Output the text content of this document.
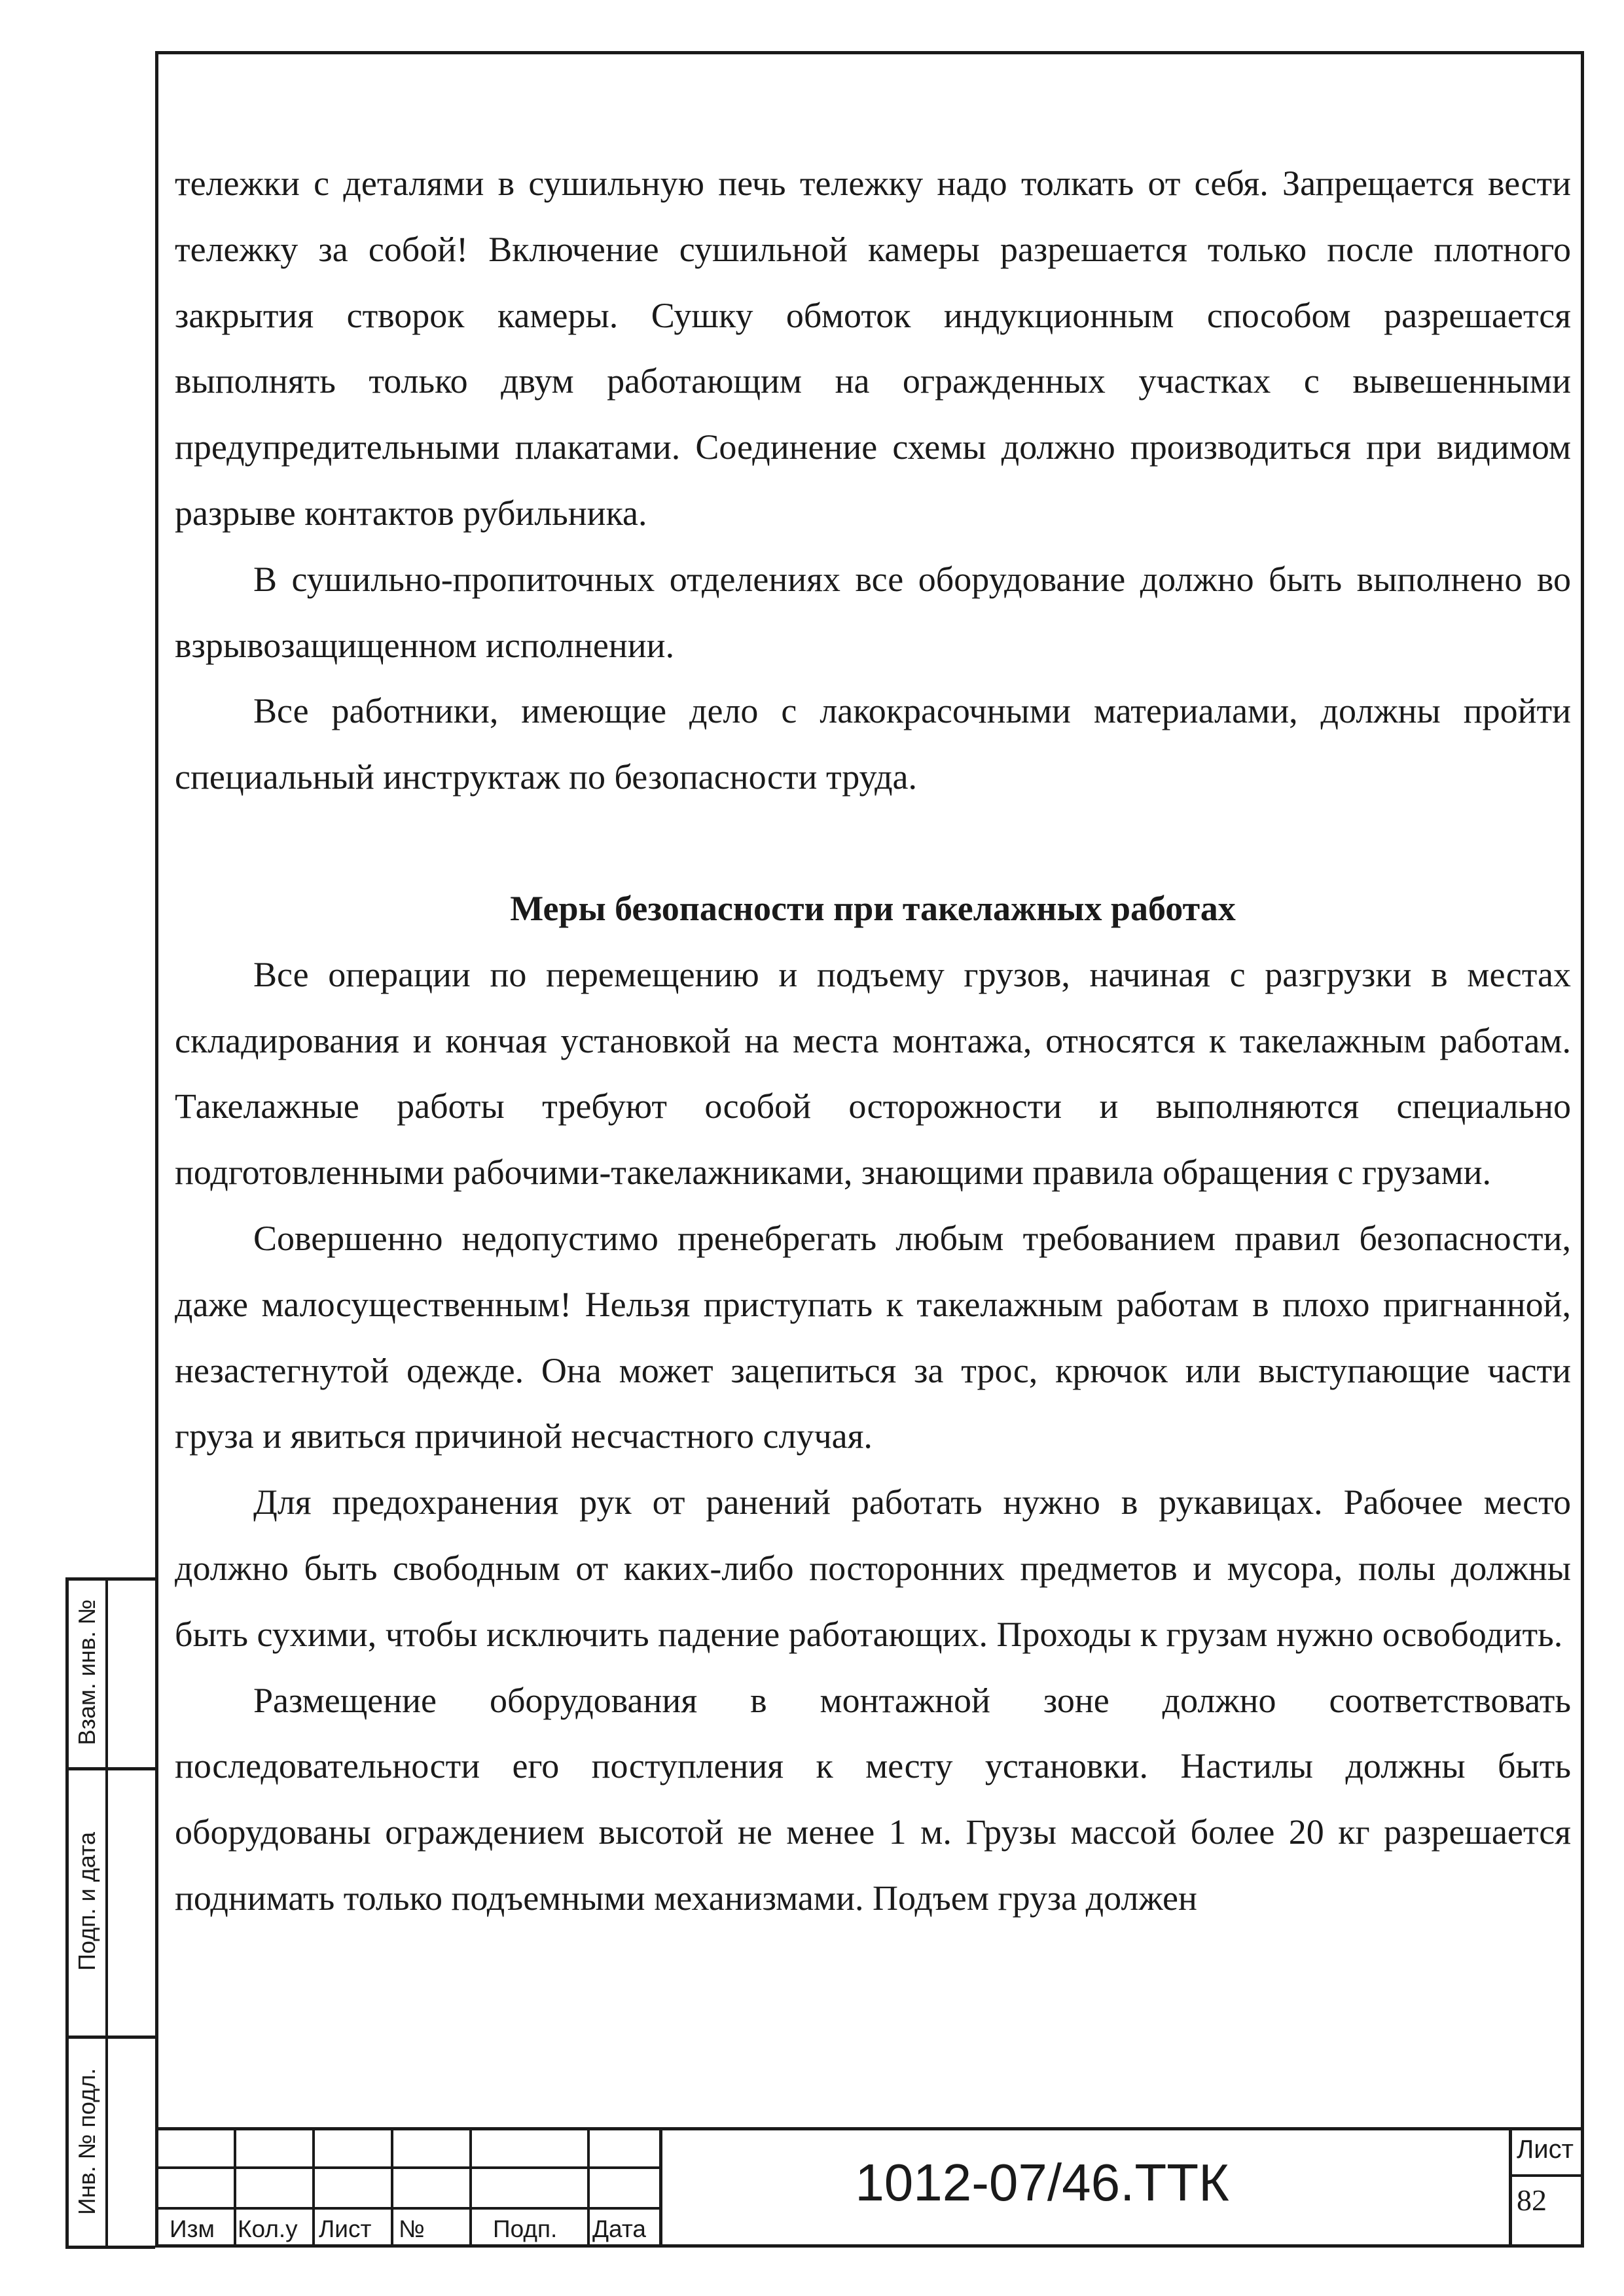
тележки с деталями в сушильную печь тележку надо толкать от себя. Запрещается вести тележку за собой! Включение сушильной камеры разрешается только после плотного закрытия створок камеры. Сушку обмоток индукционным способом разрешается выполнять только двум работающим на огражденных участках с вывешенными предупредительными плакатами. Соединение схемы должно производиться при видимом разрыве контактов рубильника.

В сушильно-пропиточных отделениях все оборудование должно быть выполнено во взрывозащищенном исполнении.

Все работники, имеющие дело с лакокрасочными материалами, должны пройти специальный инструктаж по безопасности труда.

Меры безопасности при такелажных работах

Все операции по перемещению и подъему грузов, начиная с разгрузки в местах складирования и кончая установкой на места монтажа, относятся к такелажным работам. Такелажные работы требуют особой осторожности и выполняются специально подготовленными рабочими-такелажниками, знающими правила обращения с грузами.

Совершенно недопустимо пренебрегать любым требованием правил безопасности, даже малосущественным! Нельзя приступать к такелажным работам в плохо пригнанной, незастегнутой одежде. Она может зацепиться за трос, крючок или выступающие части груза и явиться причиной несчастного случая.

Для предохранения рук от ранений работать нужно в рукавицах. Рабочее место должно быть свободным от каких-либо посторонних предметов и мусора, полы должны быть сухими, чтобы исключить падение работающих. Проходы к грузам нужно освободить.

Размещение оборудования в монтажной зоне должно соответствовать последовательности его поступления к месту установки. Настилы должны быть оборудованы ограждением высотой не менее 1 м. Грузы массой более 20 кг разрешается поднимать только подъемными механизмами. Подъем груза должен

Взам. инв. №
Подп. и дата
Инв. № подл.
Изм Кол.у Лист №	Подп. Дата
1012-07/46.ТТК
Лист
82
